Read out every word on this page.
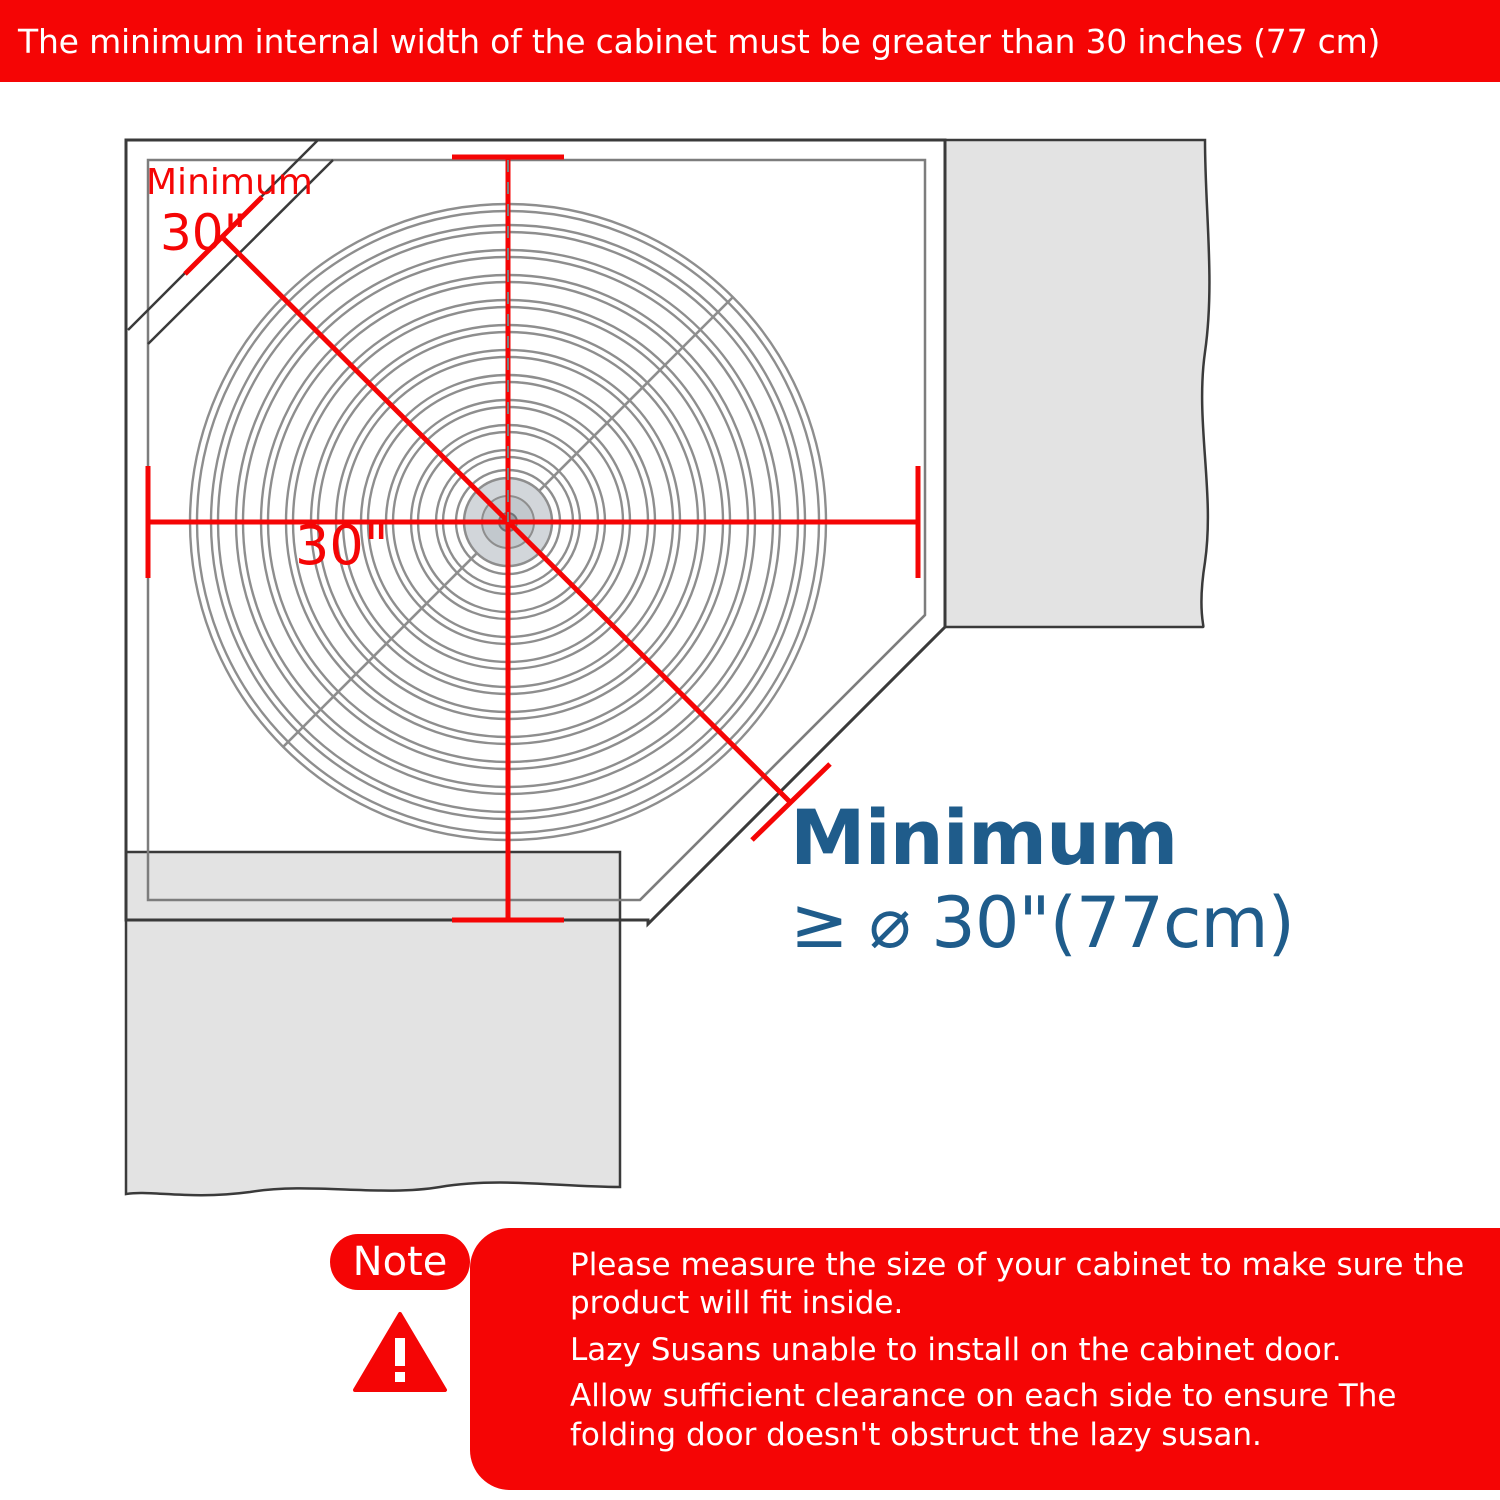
The minimum internal width of the cabinet must be greater than 30 inches (77 cm)
Minimum
30"
30"
Minimum
≥ ⌀ 30"(77cm)
Note	Please measure the size of your cabinet to make sure the product will fit inside.

Lazy Susans unable to install on the cabinet door.

Allow sufficient clearance on each side to ensure The folding door doesn't obstruct the lazy susan.
